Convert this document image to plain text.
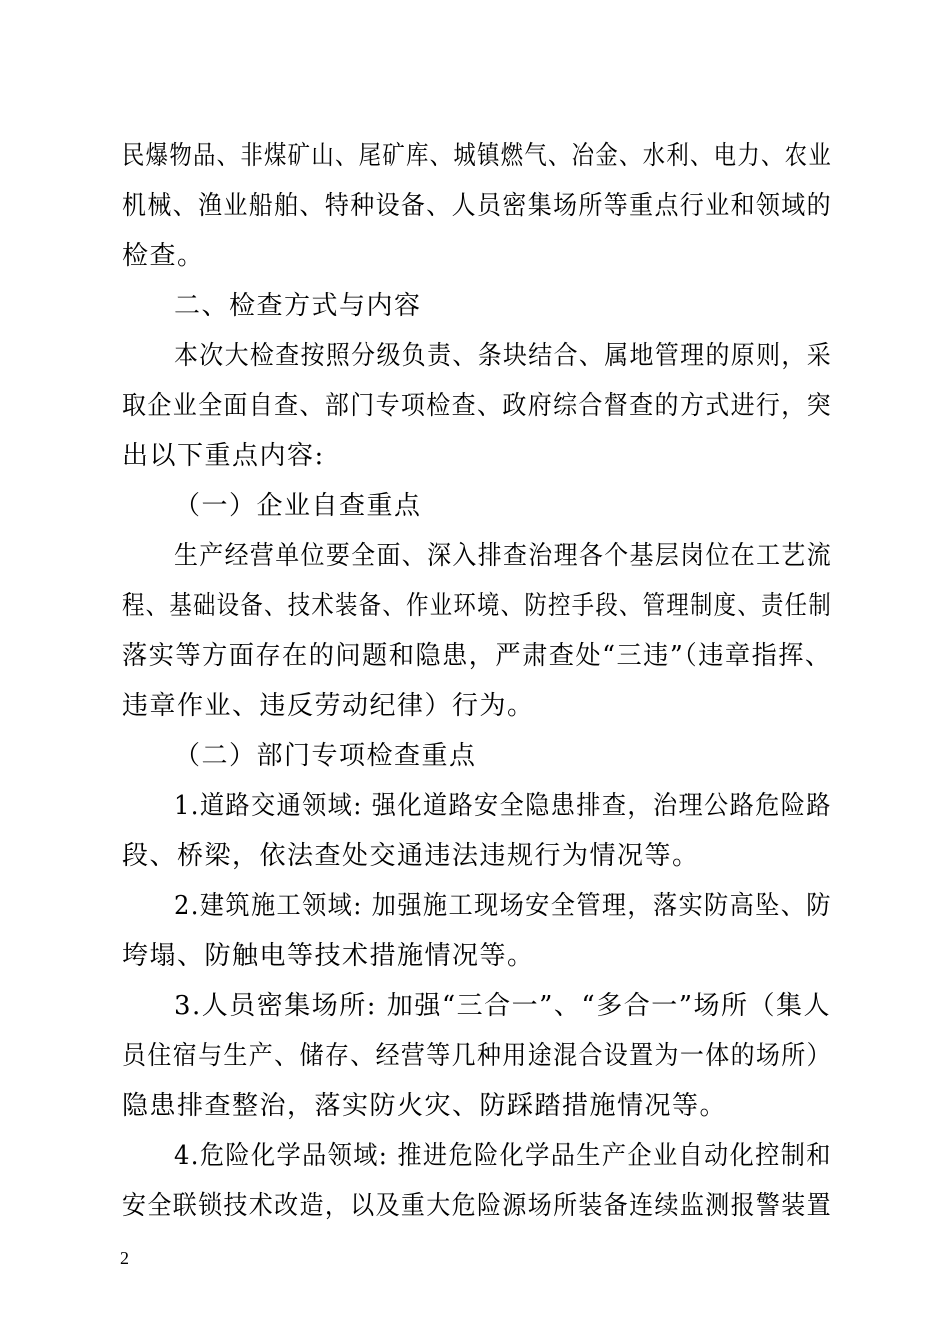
民爆物品、非煤矿山、尾矿库、城镇燃气、冶金、水利、电力、农业
机械、渔业船舶、特种设备、人员密集场所等重点行业和领域的
检查。
二、检查方式与内容
本次大检查按照分级负责、条块结合、属地管理的原则，采
取企业全面自查、部门专项检查、政府综合督查的方式进行，突
出以下重点内容:
（一）企业自查重点
生产经营单位要全面、深入排查治理各个基层岗位在工艺流
程、基础设备、技术装备、作业环境、防控手段、管理制度、责任制
落实等方面存在的问题和隐患，严肃查处“三违”（违章指挥、
违章作业、违反劳动纪律）行为。
（二）部门专项检查重点
1.道路交通领域: 强化道路安全隐患排查，治理公路危险路
段、桥梁，依法查处交通违法违规行为情况等。
2.建筑施工领域: 加强施工现场安全管理，落实防高坠、防
垮塌、防触电等技术措施情况等。
3.人员密集场所: 加强“三合一”、“多合一”场所（集人
员住宿与生产、储存、经营等几种用途混合设置为一体的场所）
隐患排查整治，落实防火灾、防踩踏措施情况等。
4.危险化学品领域: 推进危险化学品生产企业自动化控制和
安全联锁技术改造，以及重大危险源场所装备连续监测报警装置
2
